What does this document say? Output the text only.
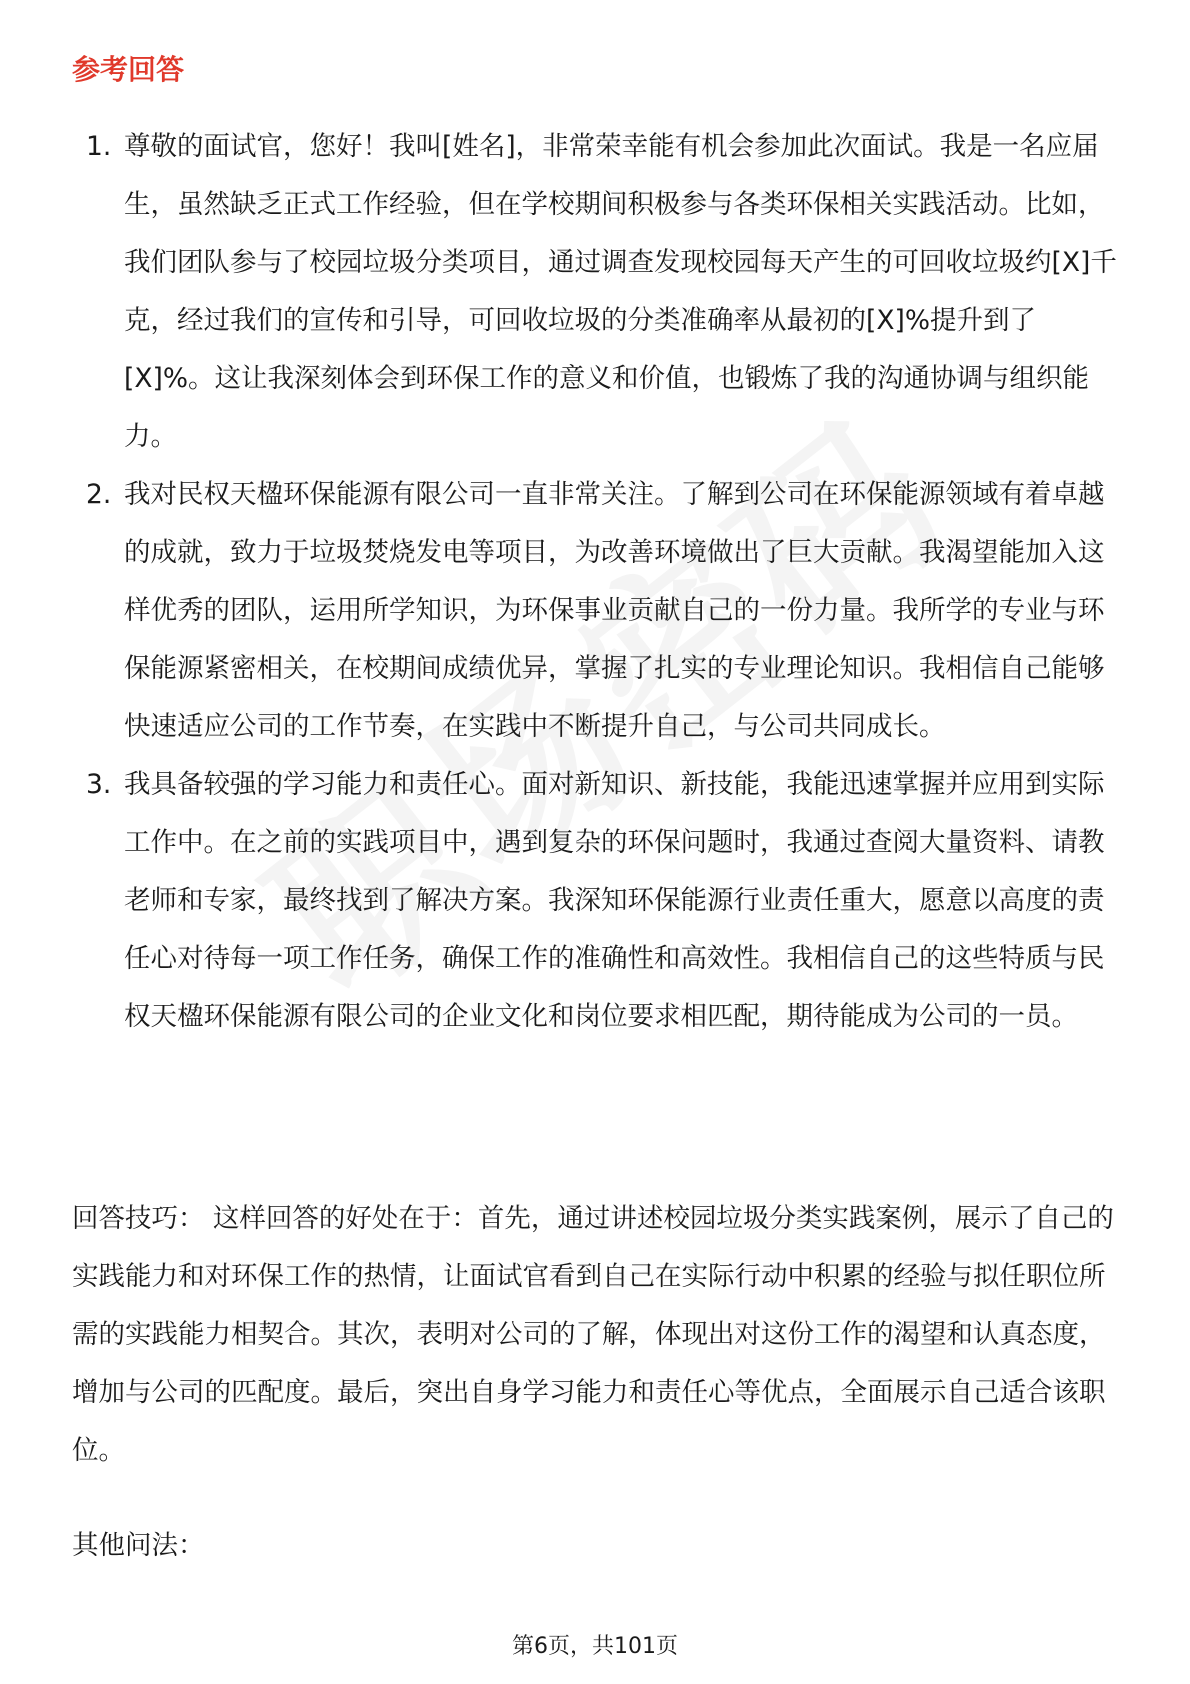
参考回答
1. 尊敬的面试官，您好！我叫[姓名]，非常荣幸能有机会参加此次面试。我是一名应届生，虽然缺乏正式工作经验，但在学校期间积极参与各类环保相关实践活动。比如，我们团队参与了校园垃圾分类项目，通过调查发现校园每天产生的可回收垃圾约[X]千克，经过我们的宣传和引导，可回收垃圾的分类准确率从最初的[X]%提升到了[X]%。这让我深刻体会到环保工作的意义和价值，也锻炼了我的沟通协调与组织能力。
2. 我对民权天楹环保能源有限公司一直非常关注。了解到公司在环保能源领域有着卓越的成就，致力于垃圾焚烧发电等项目，为改善环境做出了巨大贡献。我渴望能加入这样优秀的团队，运用所学知识，为环保事业贡献自己的一份力量。我所学的专业与环保能源紧密相关，在校期间成绩优异，掌握了扎实的专业理论知识。我相信自己能够快速适应公司的工作节奏，在实践中不断提升自己，与公司共同成长。
3. 我具备较强的学习能力和责任心。面对新知识、新技能，我能迅速掌握并应用到实际工作中。在之前的实践项目中，遇到复杂的环保问题时，我通过查阅大量资料、请教老师和专家，最终找到了解决方案。我深知环保能源行业责任重大，愿意以高度的责任心对待每一项工作任务，确保工作的准确性和高效性。我相信自己的这些特质与民权天楹环保能源有限公司的企业文化和岗位要求相匹配，期待能成为公司的一员。

回答技巧： 这样回答的好处在于：首先，通过讲述校园垃圾分类实践案例，展示了自己的实践能力和对环保工作的热情，让面试官看到自己在实际行动中积累的经验与拟任职位所需的实践能力相契合。其次，表明对公司的了解，体现出对这份工作的渴望和认真态度，增加与公司的匹配度。最后，突出自身学习能力和责任心等优点，全面展示自己适合该职位。

其他问法：

第6页，共101页
